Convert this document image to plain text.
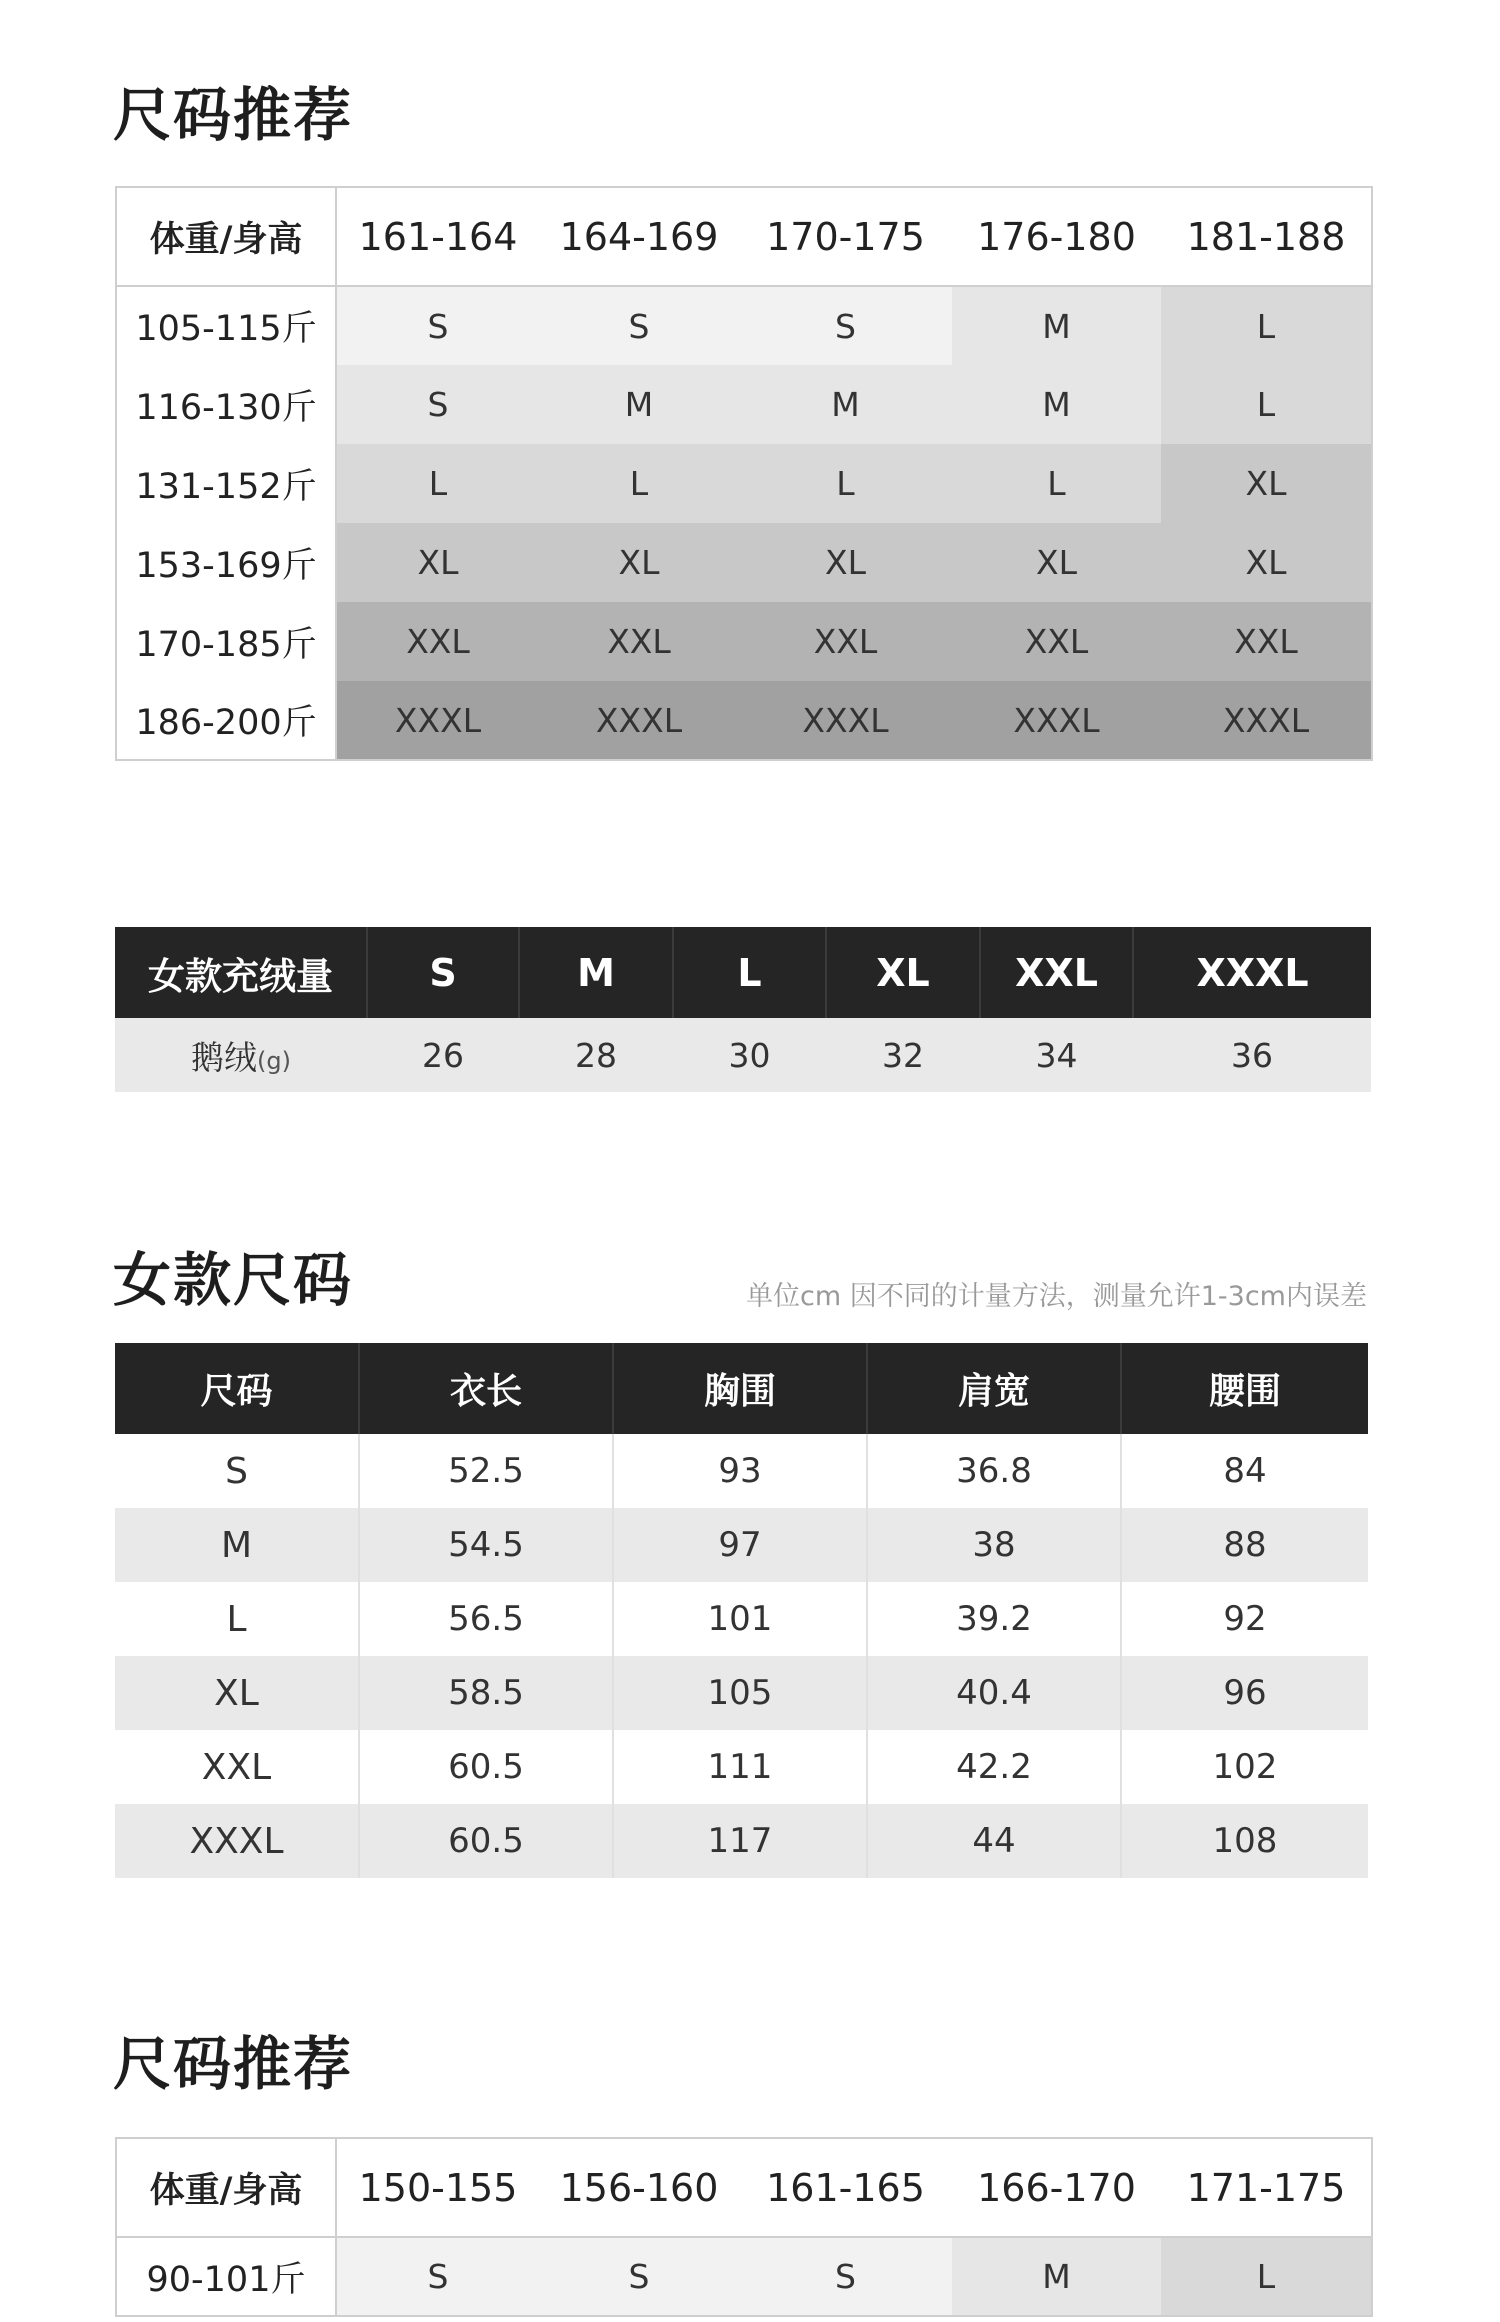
尺码推荐
体重/身高	161-164	164-169	170-175	176-180	181-188
105-115斤	S	S	S	M	L
116-130斤	S	M	M	M	L
131-152斤	L	L	L	L	XL
153-169斤	XL	XL	XL	XL	XL
170-185斤	XXL	XXL	XXL	XXL	XXL
186-200斤	XXXL	XXXL	XXXL	XXXL	XXXL
女款充绒量	S	M	L	XL	XXL	XXXL
鹅绒(g)	26	28	30	32	34	36
女款尺码	单位cm 因不同的计量方法，测量允许1-3cm内误差
尺码	衣长	胸围	肩宽	腰围
S	52.5	93	36.8	84
M	54.5	97	38	88
L	56.5	101	39.2	92
XL	58.5	105	40.4	96
XXL	60.5	111	42.2	102
XXXL	60.5	117	44	108
尺码推荐
体重/身高	150-155	156-160	161-165	166-170	171-175
90-101斤	S	S	S	M	L
